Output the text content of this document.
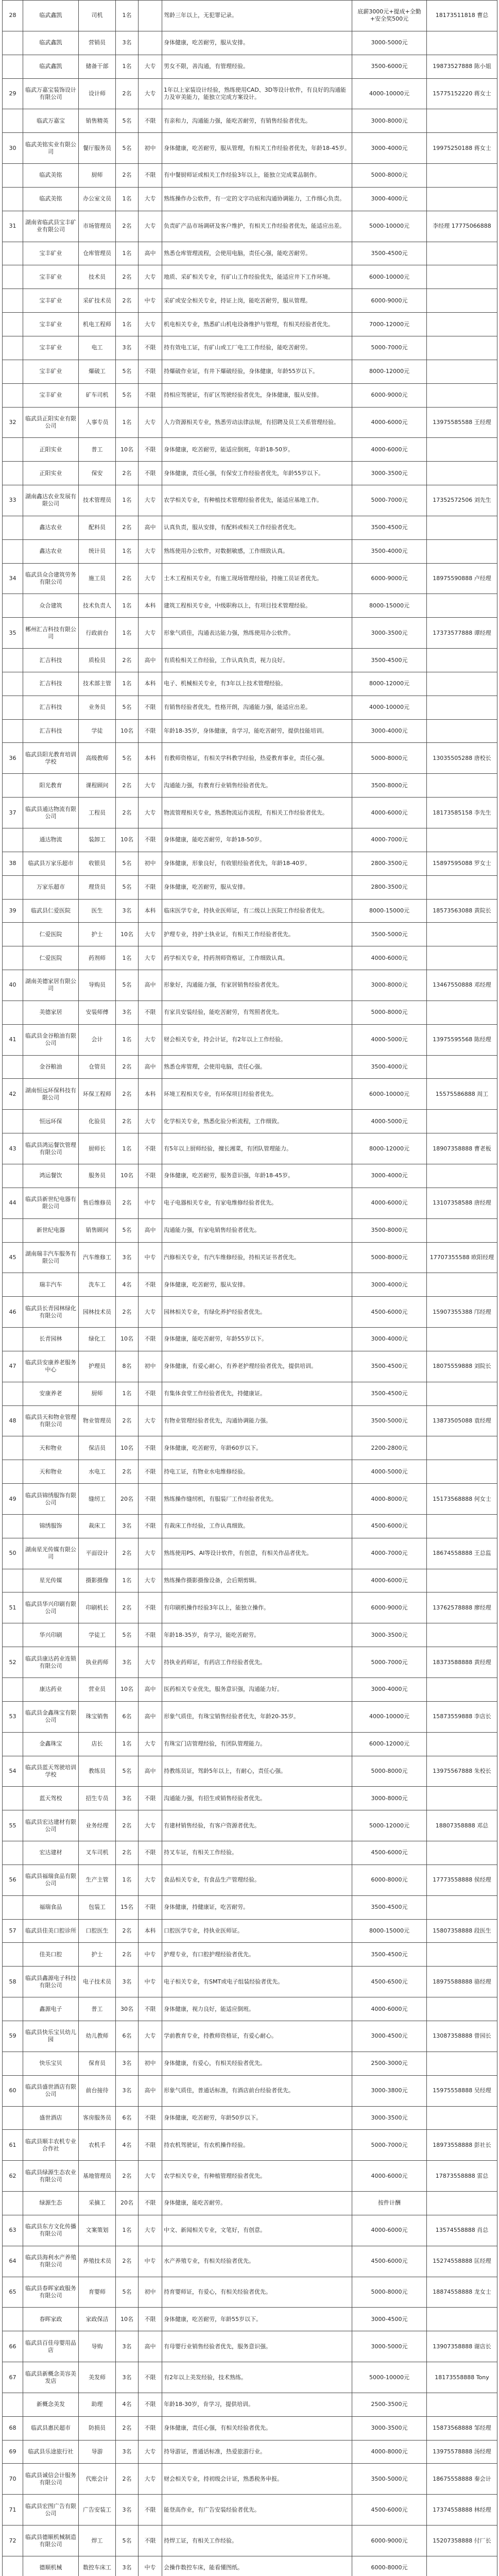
28	临武鑫凯	司机	1名		驾龄三年以上，无犯罪记录。	底薪3000元+提成+全勤+安全奖500元	18173511818 曹总
	临武鑫凯	营销员	3名		身体健康，吃苦耐劳，服从安排。	3000-5000元	
	临武鑫凯	储备干部	1名	大专	男女不限，善沟通，有管理经验。	3500-6000元	19873527888 陈小姐
29	临武万嘉宝装饰设计有限公司	设计师	2名	大专	1年以上家装设计经验，熟练使用CAD、3D等设计软件，有良好的沟通能力及审美能力，能独立完成方案设计。	4000-10000元	15775152220 蒋女士
	临武万嘉宝	销售精英	5名	不限	有亲和力，沟通能力强，能吃苦耐劳，有销售经验者优先。	3000-8000元	
30	临武美铭实业有限公司	餐厅服务员	5名	初中	身体健康，吃苦耐劳，服从管理，有相关工作经验者优先，年龄18-45岁。	3000-4000元	19975250188 蒋女士
	临武美铭	厨师	2名	不限	有中餐厨师证或相关工作经验3年以上，能独立完成菜品制作。	5000-8000元	
	临武美铭	办公室文员	1名	大专	熟练操作办公软件，有一定的文字功底和沟通协调能力，工作细心负责。	3000-4000元	
31	湖南省临武县宝丰矿业有限公司	市场管理员	2名	大专	负责矿产品市场调研及客户维护，有相关工作经验者优先，能适应出差。	5000-10000元	李经理 17775066888
	宝丰矿业	仓库管理员	1名	高中	熟悉仓库管理流程，会使用电脑，责任心强，能吃苦耐劳。	3500-4500元	
	宝丰矿业	技术员	2名	大专	地质、采矿相关专业，有矿山工作经验优先，能适应井下工作环境。	6000-10000元	
	宝丰矿业	采矿技术员	2名	中专	采矿或安全相关专业，持证上岗，能吃苦耐劳，服从管理。	6000-9000元	
	宝丰矿业	机电工程师	1名	大专	机电相关专业，熟悉矿山机电设备维护与管理，有相关经验者优先。	7000-12000元	
	宝丰矿业	电工	3名	不限	持有效电工证，有矿山或工厂电工工作经验，能吃苦耐劳。	5000-7000元	
	宝丰矿业	爆破工	5名	不限	持爆破作业证，有井下爆破经验，身体健康，年龄55岁以下。	8000-12000元	
	宝丰矿业	矿车司机	5名	不限	持相应驾驶证，有矿区驾驶经验者优先，身体健康，服从安排。	6000-9000元	
32	临武县正阳实业有限公司	人事专员	1名	大专	人力资源相关专业，熟悉劳动法律法规，有招聘及员工关系管理经验。	4000-6000元	13975585588 王经理
	正阳实业	普工	10名	不限	身体健康，吃苦耐劳，能适应倒班，年龄18-50岁。	4000-6000元	
	正阳实业	保安	2名	不限	身体健康，责任心强，有保安工作经验者优先，年龄55岁以下。	3000-3500元	
33	湖南鑫达农业发展有限公司	技术管理员	1名	大专	农学相关专业，有种植技术管理经验者优先，能适应基地工作。	5000-7000元	17352572506 刘先生
	鑫达农业	配料员	2名	高中	认真负责，服从安排，有配料或相关工作经验者优先。	3500-4500元	
	鑫达农业	统计员	1名	大专	熟练使用办公软件，对数据敏感，工作细致认真。	3500-4000元	
34	临武县众合建筑劳务有限公司	施工员	2名	大专	土木工程相关专业，有施工现场管理经验，持施工员证者优先。	6000-9000元	18975590888 卢经理
	众合建筑	技术负责人	1名	本科	建筑工程相关专业，中级职称以上，有项目技术管理经验。	8000-15000元	
35	郴州汇吉科技有限公司	行政前台	1名	大专	形象气质佳，沟通表达能力强，熟练使用办公软件。	3000-3500元	17373577888 谭经理
	汇吉科技	质检员	2名	高中	有质检相关工作经验，工作认真负责，视力良好。	3500-4500元	
	汇吉科技	技术部主管	1名	本科	电子、机械相关专业，有3年以上技术管理经验。	8000-12000元	
	汇吉科技	业务员	5名	不限	有销售经验者优先，性格开朗，沟通能力强，能适应出差。	4000-10000元	
	汇吉科技	学徒	10名	不限	年龄18-35岁，身体健康，肯学习，能吃苦耐劳，提供技能培训。	3000-4000元	
36	临武县阳光教育培训学校	高级教师	5名	本科	有教师资格证，有相关学科教学经验，热爱教育事业，责任心强。	5000-8000元	13035505288 唐校长
	阳光教育	课程顾问	2名	大专	沟通能力强，有教育行业销售经验者优先。	3500-8000元	
37	临武县通达物流有限公司	工程员	2名	大专	物流管理相关专业，熟悉物流运作流程，有相关工作经验者优先。	4000-6000元	18173585158 李先生
	通达物流	装卸工	10名	不限	身体健康，能吃苦耐劳，年龄18-50岁。	4000-7000元	
38	临武县万家乐超市	收银员	5名	初中	身体健康，形象良好，有收银经验者优先，年龄18-40岁。	2800-3500元	15897595088 罗女士
	万家乐超市	理货员	5名	不限	身体健康，吃苦耐劳，服从安排。	2800-3500元	
39	临武县仁爱医院	医生	3名	本科	临床医学专业，持执业医师证，有二级以上医院工作经验者优先。	8000-15000元	18573563088 黄院长
	仁爱医院	护士	10名	大专	护理专业，持护士执业证，有相关工作经验者优先。	3500-5000元	
	仁爱医院	药剂师	1名	大专	药学相关专业，持药剂师资格证，工作细致认真。	4000-6000元	
40	湖南美德家居有限公司	导购员	5名	高中	形象好，沟通能力强，有家居销售经验者优先。	3000-8000元	13467550888 邓经理
	美德家居	安装师傅	3名	不限	有家具安装经验，能吃苦耐劳，有驾照者优先。	5000-8000元	
41	临武县金谷粮油有限公司	会计	1名	大专	财会相关专业，持会计证，有2年以上工作经验。	4000-5000元	13975595568 陈经理
	金谷粮油	仓管员	2名	高中	熟悉仓库管理，会使用电脑，责任心强。	3500-4000元	
42	湖南恒远环保科技有限公司	环保工程师	2名	本科	环境工程相关专业，有环保项目经验者优先。	6000-10000元	15575586888 周工
	恒远环保	化验员	2名	大专	化学相关专业，熟悉化验分析流程，工作细致。	4000-5000元	
43	临武县鸿运餐饮管理有限公司	厨师长	1名	不限	有5年以上厨师经验，擅长湘菜，有团队管理能力。	8000-12000元	18907358888 曹老板
	鸿运餐饮	服务员	10名	不限	身体健康，吃苦耐劳，服务意识强，年龄18-45岁。	3000-4000元	
44	临武县新世纪电器有限公司	售后维修员	2名	中专	电子电器相关专业，有家电维修经验者优先。	4000-6000元	13107358588 唐经理
	新世纪电器	销售顾问	5名	高中	沟通能力强，有家电销售经验者优先。	3500-8000元	
45	湖南瑞丰汽车服务有限公司	汽车维修工	3名	中专	汽修相关专业，有汽车维修经验，持相关证书者优先。	5000-8000元	17707355588 欧阳经理
	瑞丰汽车	洗车工	4名	不限	身体健康，吃苦耐劳，服从安排。	3000-4000元	
46	临武县长青园林绿化有限公司	园林技术员	2名	大专	园林相关专业，有绿化养护经验者优先。	4500-6000元	15907355388 邝经理
	长青园林	绿化工	10名	不限	身体健康，能吃苦耐劳，年龄55岁以下。	3000-4000元	
47	临武县安康养老服务中心	护理员	8名	初中	身体健康，有爱心耐心，有养老护理经验者优先，提供培训。	3500-4500元	18075559888 刘院长
	安康养老	厨师	1名	不限	有集体食堂工作经验者优先，持健康证。	3500-4500元	
48	临武县天和物业管理有限公司	物业管理员	2名	大专	有物业管理经验者优先，沟通协调能力强。	3500-5000元	13873505088 袁经理
	天和物业	保洁员	10名	不限	身体健康，吃苦耐劳，年龄60岁以下。	2200-2800元	
	天和物业	水电工	2名	不限	持电工证，有物业水电维修经验。	4000-5000元	
49	临武县锦绣服饰有限公司	缝纫工	20名	不限	熟练操作缝纫机，有服装厂工作经验者优先。	4000-8000元	15173568888 何女士
	锦绣服饰	裁床工	3名	不限	有裁床工作经验，工作认真细致。	4500-6000元	
50	湖南星光传媒有限公司	平面设计	2名	大专	熟练使用PS、AI等设计软件，有创意，有相关作品者优先。	4000-7000元	18674558888 王总监
	星光传媒	摄影摄像	1名	大专	熟练操作摄影摄像设备，会后期剪辑。	4000-6000元	
51	临武县华兴印刷有限公司	印刷机长	2名	不限	有印刷机操作经验3年以上，能独立操作。	6000-9000元	13762578888 廖经理
	华兴印刷	学徒工	5名	不限	年龄18-35岁，肯学习，能吃苦耐劳。	3000-3500元	
52	临武县康达药业连锁有限公司	执业药师	3名	大专	持执业药师证，有药店工作经验者优先。	5000-7000元	18373588888 黄经理
	康达药业	营业员	10名	高中	医药相关专业优先，服务意识强，沟通能力好。	3000-4000元	
53	临武县金鑫珠宝有限公司	珠宝销售	6名	高中	形象气质佳，有珠宝销售经验者优先，年龄20-35岁。	4000-10000元	15873559888 李店长
	金鑫珠宝	店长	1名	大专	有珠宝门店管理经验，有团队管理能力。	6000-12000元	
54	临武县蓝天驾驶培训学校	教练员	5名	高中	持教练员证，驾龄5年以上，有耐心，责任心强。	5000-8000元	13975567888 朱校长
	蓝天驾校	招生专员	3名	不限	沟通能力强，有招生或销售经验者优先。	3000-8000元	
55	临武县宏达建材有限公司	业务经理	2名	大专	有建材销售经验，有客户资源者优先。	5000-12000元	18807358888 邓总
	宏达建材	叉车司机	2名	不限	持叉车证，有相关工作经验。	4500-6000元	
56	临武县福瑞食品有限公司	生产主管	1名	大专	食品相关专业，有食品生产管理经验。	6000-8000元	17773558888 侯经理
	福瑞食品	包装工	15名	不限	身体健康，持健康证，吃苦耐劳。	3500-4500元	
57	临武县佳美口腔诊所	口腔医生	2名	本科	口腔医学专业，持执业医师证。	8000-15000元	15807358888 段医生
	佳美口腔	护士	2名	中专	护理专业，有口腔护理经验者优先。	3500-4500元	
58	临武县鑫源电子科技有限公司	电子技术员	3名	中专	电子相关专业，有SMT或电子组装经验者优先。	4500-6500元	18975588888 骆经理
	鑫源电子	普工	30名	不限	身体健康，视力良好，能适应倒班。	4000-6000元	
59	临武县快乐宝贝幼儿园	幼儿教师	6名	大专	学前教育专业，持教师资格证，有爱心耐心。	3000-4500元	13087358888 曾园长
	快乐宝贝	保育员	3名	初中	身体健康，有爱心，有相关经验者优先。	2500-3000元	
60	临武县盛世酒店有限公司	前台接待	3名	高中	形象气质佳，普通话标准，有酒店前台经验者优先。	3000-3800元	15975558888 吴经理
	盛世酒店	客房服务员	6名	不限	身体健康，吃苦耐劳，年龄50岁以下。	3000-3500元	
61	临武县顺丰农机专业合作社	农机手	4名	不限	持农机驾驶证，有农机操作经验。	5000-7000元	18973558888 彭社长
62	临武县绿源生态农业有限公司	基地管理员	2名	大专	农学相关专业，有种植管理经验者优先。	4000-6000元	17873558888 雷总
	绿源生态	采摘工	20名	不限	身体健康，能吃苦耐劳。	按件计酬	
63	临武县东方文化传播有限公司	文案策划	1名	大专	中文、新闻相关专业，文笔好，有创意。	4000-6000元	13574558888 肖总
64	临武县海利水产养殖有限公司	养殖技术员	2名	中专	水产养殖专业，有相关经验者优先。	4500-6000元	15274558888 匡经理
65	临武县春晖家政服务有限公司	育婴师	5名	初中	持育婴师证，有爱心，有相关经验者优先。	5000-8000元	18874558888 龙女士
	春晖家政	家政保洁	10名	不限	身体健康，吃苦耐劳，年龄55岁以下。	3000-4500元	
66	临武县百佳母婴用品店	导购	3名	高中	有母婴行业销售经验者优先，服务意识强。	3000-5000元	13907358888 谢店长
67	临武县新概念美容美发店	美发师	3名	不限	有2年以上美发经验，技术熟练。	5000-10000元	18173558888 Tony
	新概念美发	助理	4名	不限	年龄18-30岁，肯学习，提供培训。	2500-3500元	
68	临武县惠民超市	防损员	2名	不限	身体健康，责任心强，有相关经验者优先。	3000-3500元	15873568888 邹经理
69	临武县乐途旅行社	导游	3名	大专	持导游证，普通话标准，热爱旅游行业。	4000-8000元	13975578888 汤经理
70	临武县诚信会计服务有限公司	代账会计	2名	大专	财会相关专业，持初级会计证，熟悉税务申报。	3500-5000元	18675558888 秦会计
71	临武县宏图广告有限公司	广告安装工	3名	不限	能登高作业，有广告安装经验者优先。	4500-6000元	17374558888 林经理
72	临武县德顺机械制造有限公司	焊工	5名	不限	持焊工证，有相关工作经验。	6000-9000元	15207358888 付厂长
	德顺机械	数控车床工	3名	中专	会操作数控车床，能看懂图纸。	6000-8000元	
